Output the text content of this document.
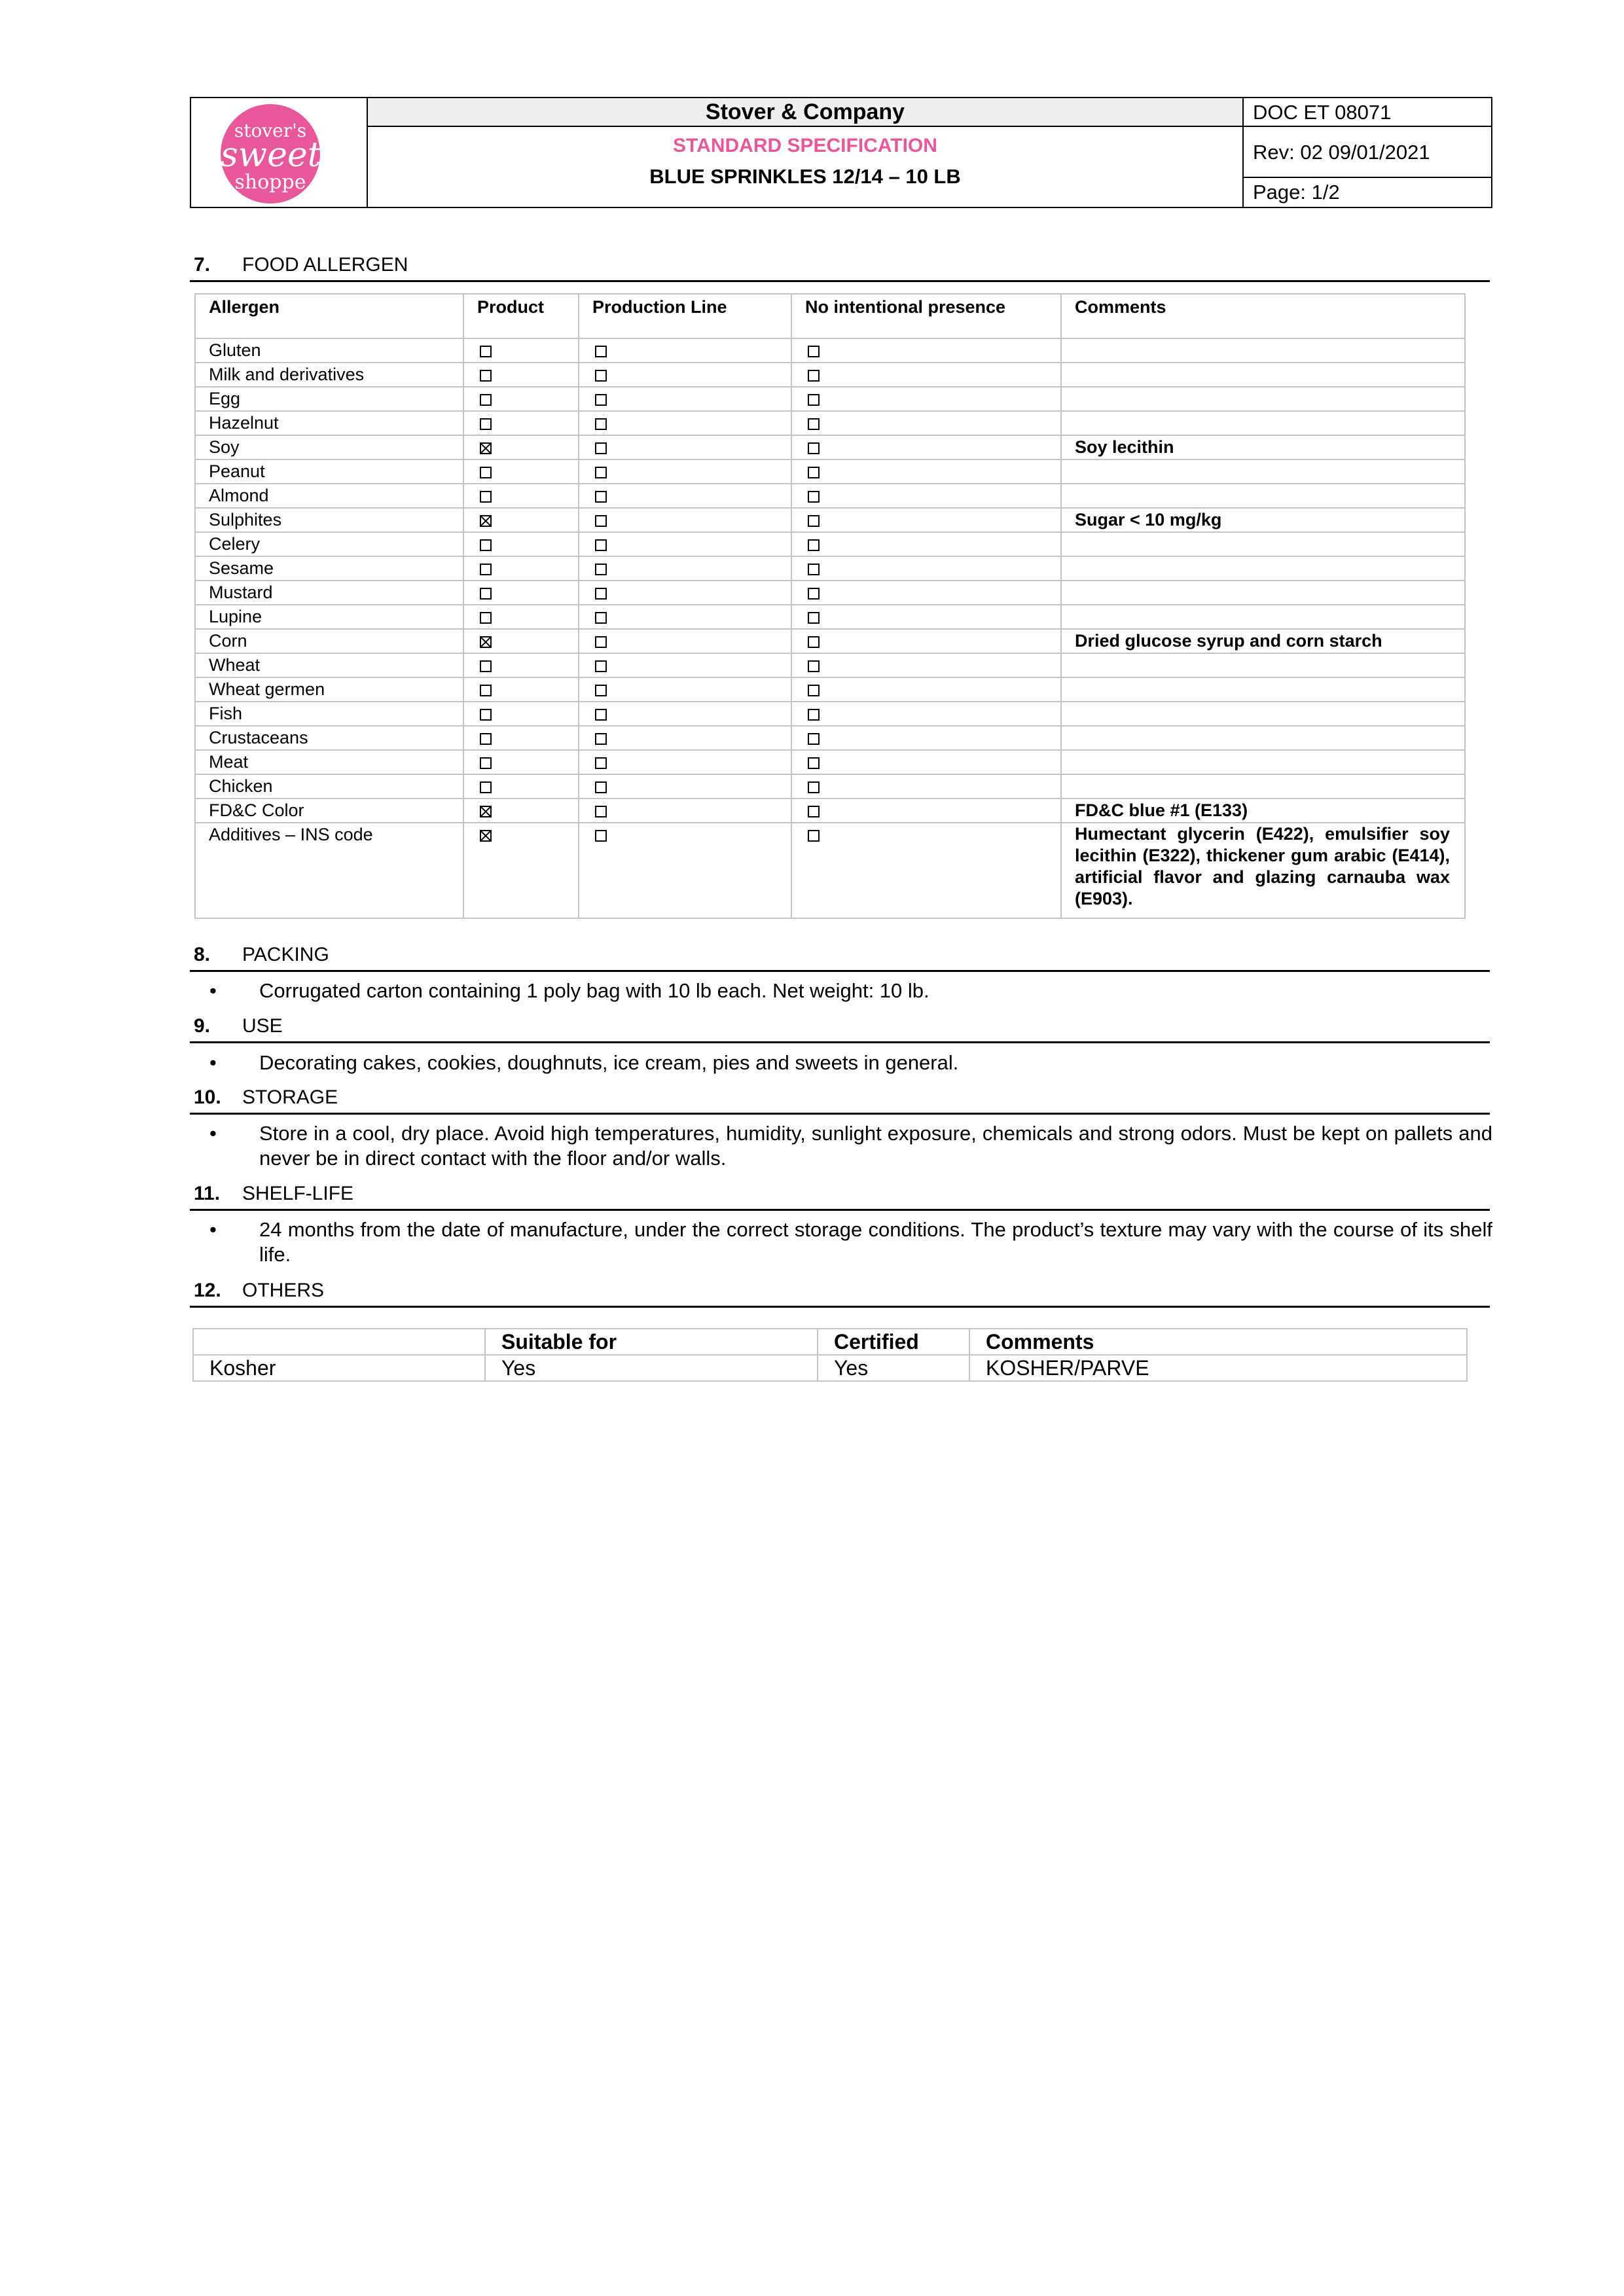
stover's
sweet
shoppe
Stover & Company
STANDARD SPECIFICATION
BLUE SPRINKLES 12/14 – 10 LB
DOC ET 08071
Rev: 02 09/01/2021
Page: 1/2
7. FOOD ALLERGEN
Allergen	Product	Production Line	No intentional presence	Comments
Gluten				
Milk and derivatives				
Egg				
Hazelnut				
Soy				Soy lecithin
Peanut				
Almond				
Sulphites				Sugar < 10 mg/kg
Celery				
Sesame				
Mustard				
Lupine				
Corn				Dried glucose syrup and corn starch
Wheat				
Wheat germen				
Fish				
Crustaceans				
Meat				
Chicken				
FD&C Color				FD&C blue #1 (E133)
Additives – INS code				Humectant glycerin (E422), emulsifier soy lecithin (E322), thickener gum arabic (E414), artificial flavor and glazing carnauba wax (E903).
8. PACKING
• Corrugated carton containing 1 poly bag with 10 lb each. Net weight: 10 lb.
9. USE
• Decorating cakes, cookies, doughnuts, ice cream, pies and sweets in general.
10. STORAGE
• Store in a cool, dry place. Avoid high temperatures, humidity, sunlight exposure, chemicals and strong odors. Must be kept on pallets and never be in direct contact with the floor and/or walls.
11. SHELF-LIFE
• 24 months from the date of manufacture, under the correct storage conditions. The product’s texture may vary with the course of its shelf life.
12. OTHERS
	Suitable for	Certified	Comments
Kosher	Yes	Yes	KOSHER/PARVE
